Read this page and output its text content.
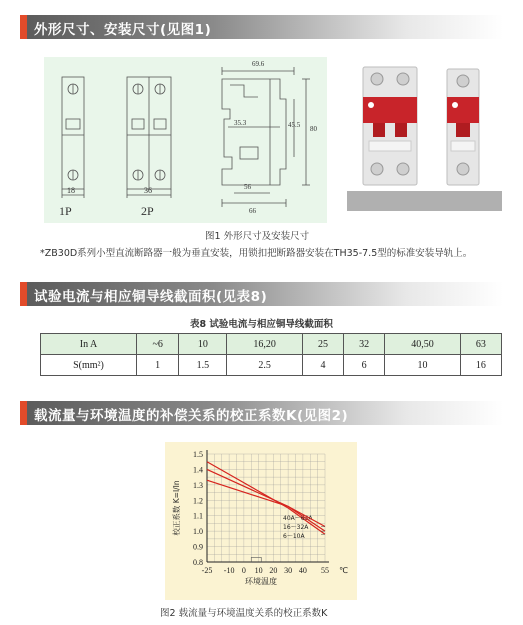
外形尺寸、安装尺寸(见图1)
18	36
69.6
35.3	45.5 80
56
66
1P	2P
图1 外形尺寸及安装尺寸
*ZB30D系列小型直流断路器一般为垂直安装，用锁扣把断路器安装在TH35-7.5型的标准安装导轨上。
试验电流与相应铜导线截面积(见表8)
表8 试验电流与相应铜导线截面积
In A	~6	10	16,20	25	32	40,50	63
S(mm²)	1	1.5	2.5	4	6	10	16
载流量与环境温度的补偿关系的校正系数K(见图2)
0.8
0.9
1.0
1.1
1.2
1.3
1.4
1.5
-25 -10 0 10 20 30 40 55 ℃
环境温度
校正系数 K=I/In	40A～63A
16～32A
6～10A
图2 载流量与环境温度关系的校正系数K
